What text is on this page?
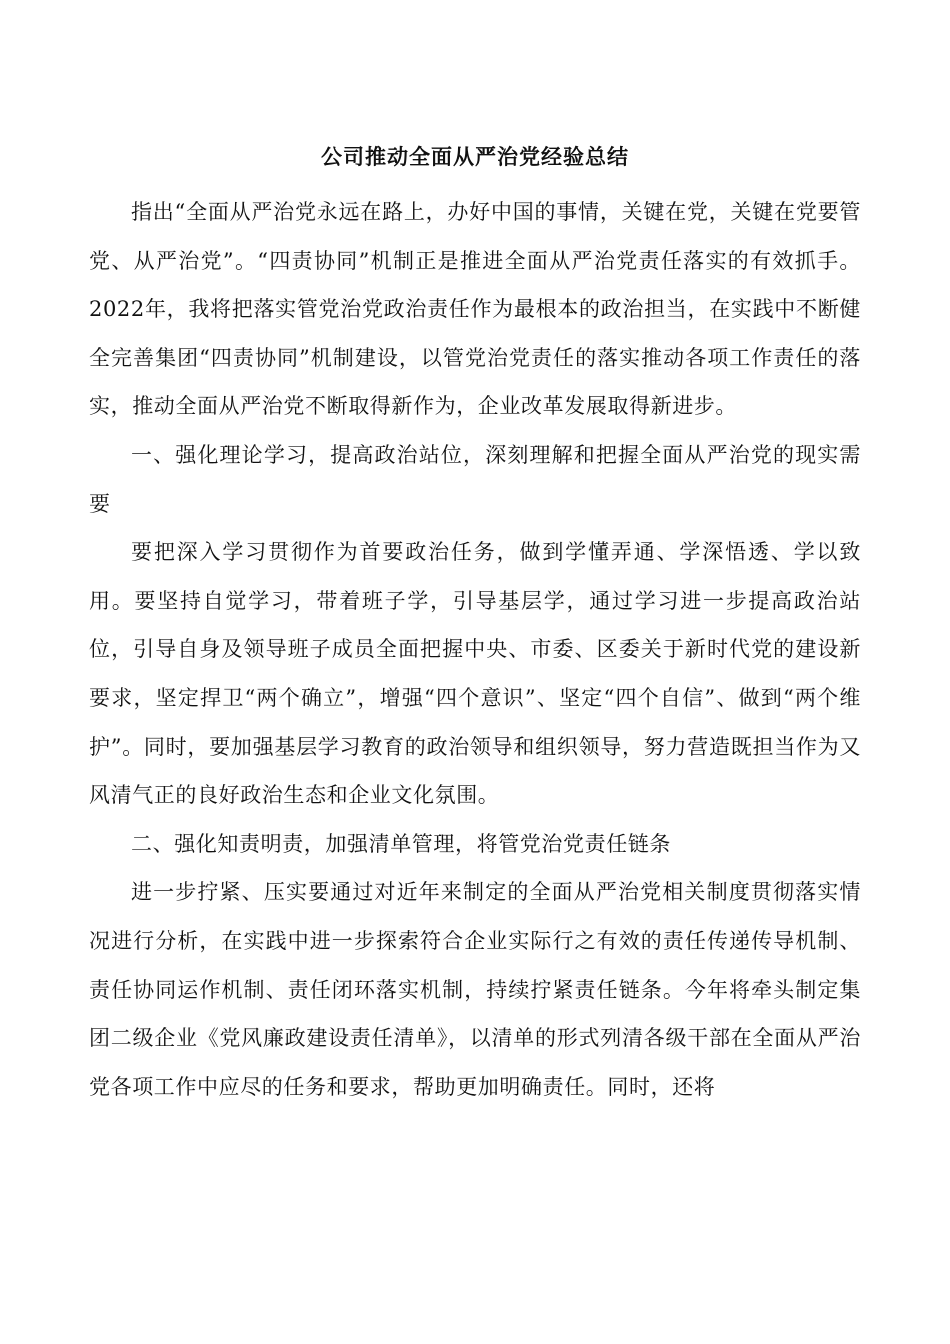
公司推动全面从严治党经验总结

指出“全面从严治党永远在路上，办好中国的事情，关键在党，关键在党要管党、从严治党”。“四责协同”机制正是推进全面从严治党责任落实的有效抓手。2022年，我将把落实管党治党政治责任作为最根本的政治担当，在实践中不断健全完善集团“四责协同”机制建设，以管党治党责任的落实推动各项工作责任的落实，推动全面从严治党不断取得新作为，企业改革发展取得新进步。

一、强化理论学习，提高政治站位，深刻理解和把握全面从严治党的现实需要

要把深入学习贯彻作为首要政治任务，做到学懂弄通、学深悟透、学以致用。要坚持自觉学习，带着班子学，引导基层学，通过学习进一步提高政治站位，引导自身及领导班子成员全面把握中央、市委、区委关于新时代党的建设新要求，坚定捍卫“两个确立”，增强“四个意识”、坚定“四个自信”、做到“两个维护”。同时，要加强基层学习教育的政治领导和组织领导，努力营造既担当作为又风清气正的良好政治生态和企业文化氛围。

二、强化知责明责，加强清单管理，将管党治党责任链条

进一步拧紧、压实要通过对近年来制定的全面从严治党相关制度贯彻落实情况进行分析，在实践中进一步探索符合企业实际行之有效的责任传递传导机制、责任协同运作机制、责任闭环落实机制，持续拧紧责任链条。今年将牵头制定集团二级企业《党风廉政建设责任清单》，以清单的形式列清各级干部在全面从严治党各项工作中应尽的任务和要求，帮助更加明确责任。同时，还将
